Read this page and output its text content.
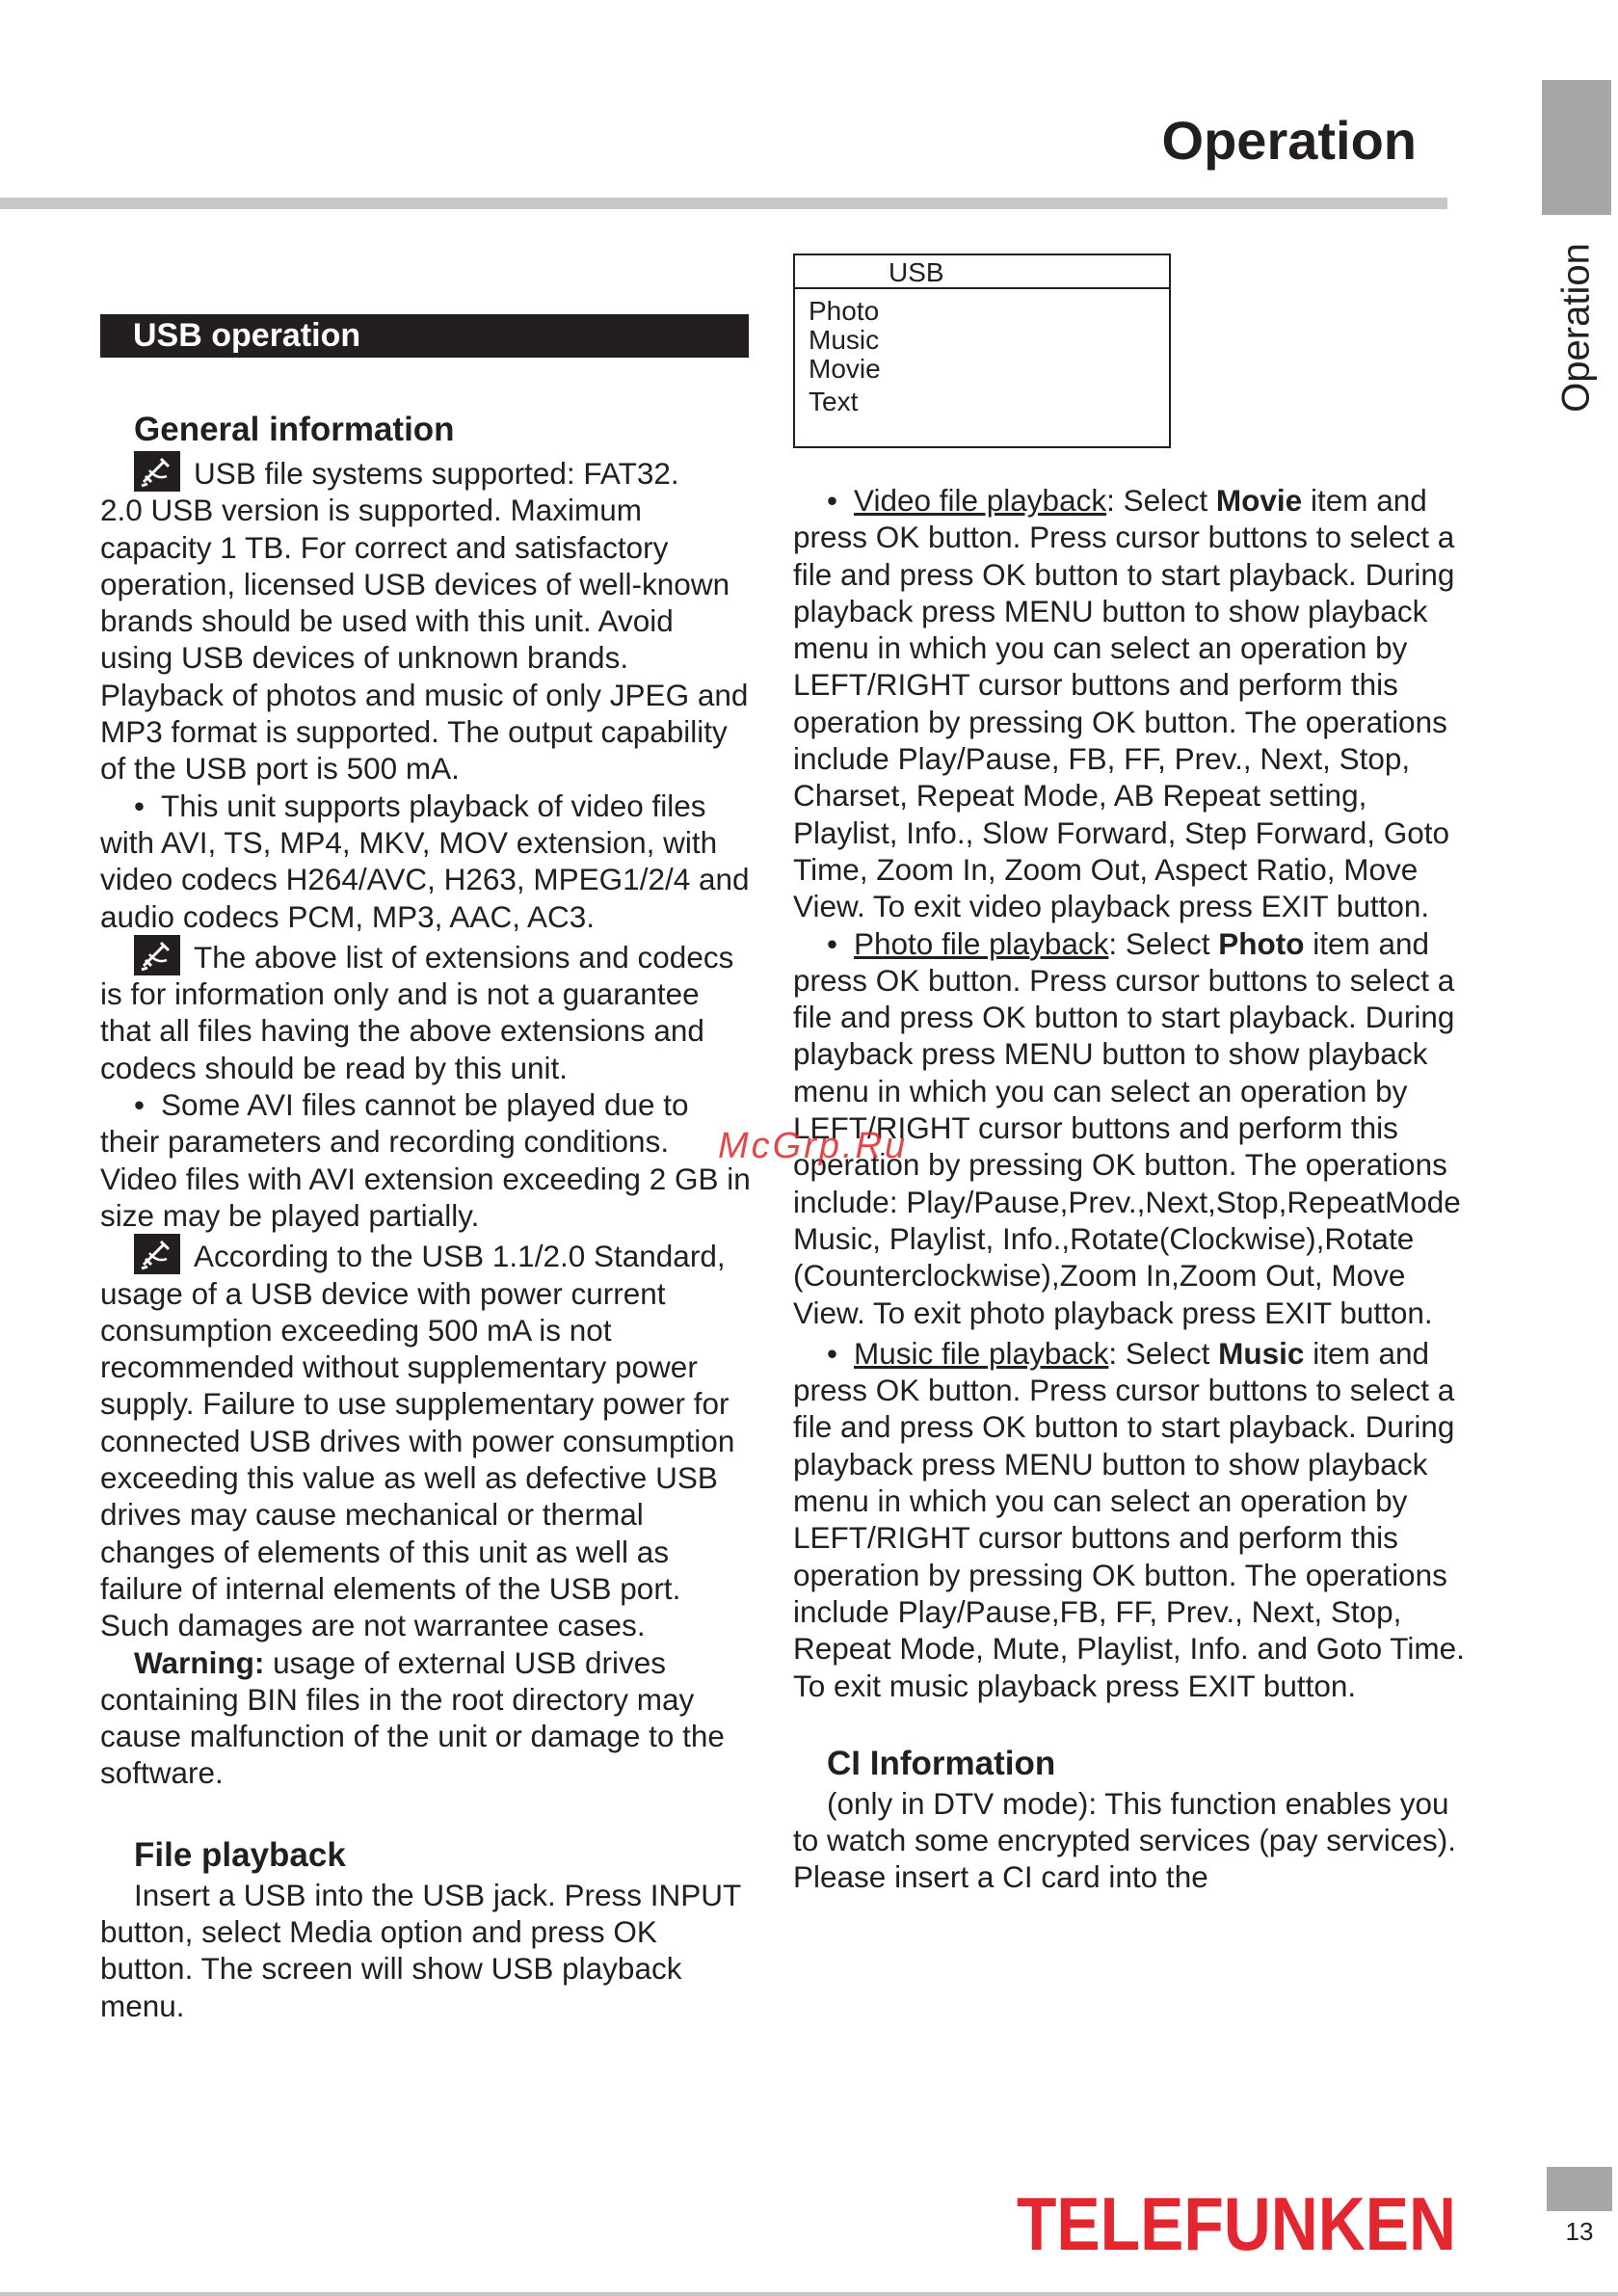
Operation
Operation
USB operation

General information

USB file systems supported: FAT32.
2.0 USB version is supported. Maximum capacity 1 TB. For correct and satisfactory operation, licensed USB devices of well-known brands should be used with this unit. Avoid using USB devices of unknown brands. Playback of photos and music of only JPEG and MP3 format is supported. The output capability of the USB port is 500 mA.

• This unit supports playback of video files with AVI, TS, MP4, MKV, MOV extension, with video codecs H264/AVC, H263, MPEG1/2/4 and audio codecs PCM, MP3, AAC, AC3.

The above list of extensions and codecs is for information only and is not a guarantee that all files having the above extensions and codecs should be read by this unit.

• Some AVI files cannot be played due to their parameters and recording conditions. Video files with AVI extension exceeding 2 GB in size may be played partially.

According to the USB 1.1/2.0 Standard, usage of a USB device with power current consumption exceeding 500 mA is not recommended without supplementary power supply. Failure to use supplementary power for connected USB drives with power consumption exceeding this value as well as defective USB drives may cause mechanical or thermal changes of elements of this unit as well as failure of internal elements of the USB port. Such damages are not warrantee cases.

Warning: usage of external USB drives containing BIN files in the root directory may cause malfunction of the unit or damage to the software.

File playback

Insert a USB into the USB jack. Press INPUT button, select Media option and press OK button. The screen will show USB playback menu.

USB
Photo
Music
Movie
Text

• Video file playback: Select Movie item and press OK button. Press cursor buttons to select a file and press OK button to start playback. During playback press MENU button to show playback menu in which you can select an operation by LEFT/RIGHT cursor buttons and perform this operation by pressing OK button. The operations include Play/Pause, FB, FF, Prev., Next, Stop, Charset, Repeat Mode, AB Repeat setting, Playlist, Info., Slow Forward, Step Forward, Goto Time, Zoom In, Zoom Out, Aspect Ratio, Move View. To exit video playback press EXIT button.

• Photo file playback: Select Photo item and press OK button. Press cursor buttons to select a file and press OK button to start playback. During playback press MENU button to show playback menu in which you can select an operation by LEFT/RIGHT cursor buttons and perform this operation by pressing OK button. The operations include: Play/Pause,Prev.,Next,Stop,RepeatMode Music, Playlist, Info.,Rotate(Clockwise),Rotate (Counterclockwise),Zoom In,Zoom Out, Move View. To exit photo playback press EXIT button.

• Music file playback: Select Music item and press OK button. Press cursor buttons to select a file and press OK button to start playback. During playback press MENU button to show playback menu in which you can select an operation by LEFT/RIGHT cursor buttons and perform this operation by pressing OK button. The operations include Play/Pause,FB, FF, Prev., Next, Stop, Repeat Mode, Mute, Playlist, Info. and Goto Time. To exit music playback press EXIT button.

CI Information

(only in DTV mode): This function enables you to watch some encrypted services (pay services). Please insert a CI card into the

McGrp.Ru
TELEFUNKEN	13
